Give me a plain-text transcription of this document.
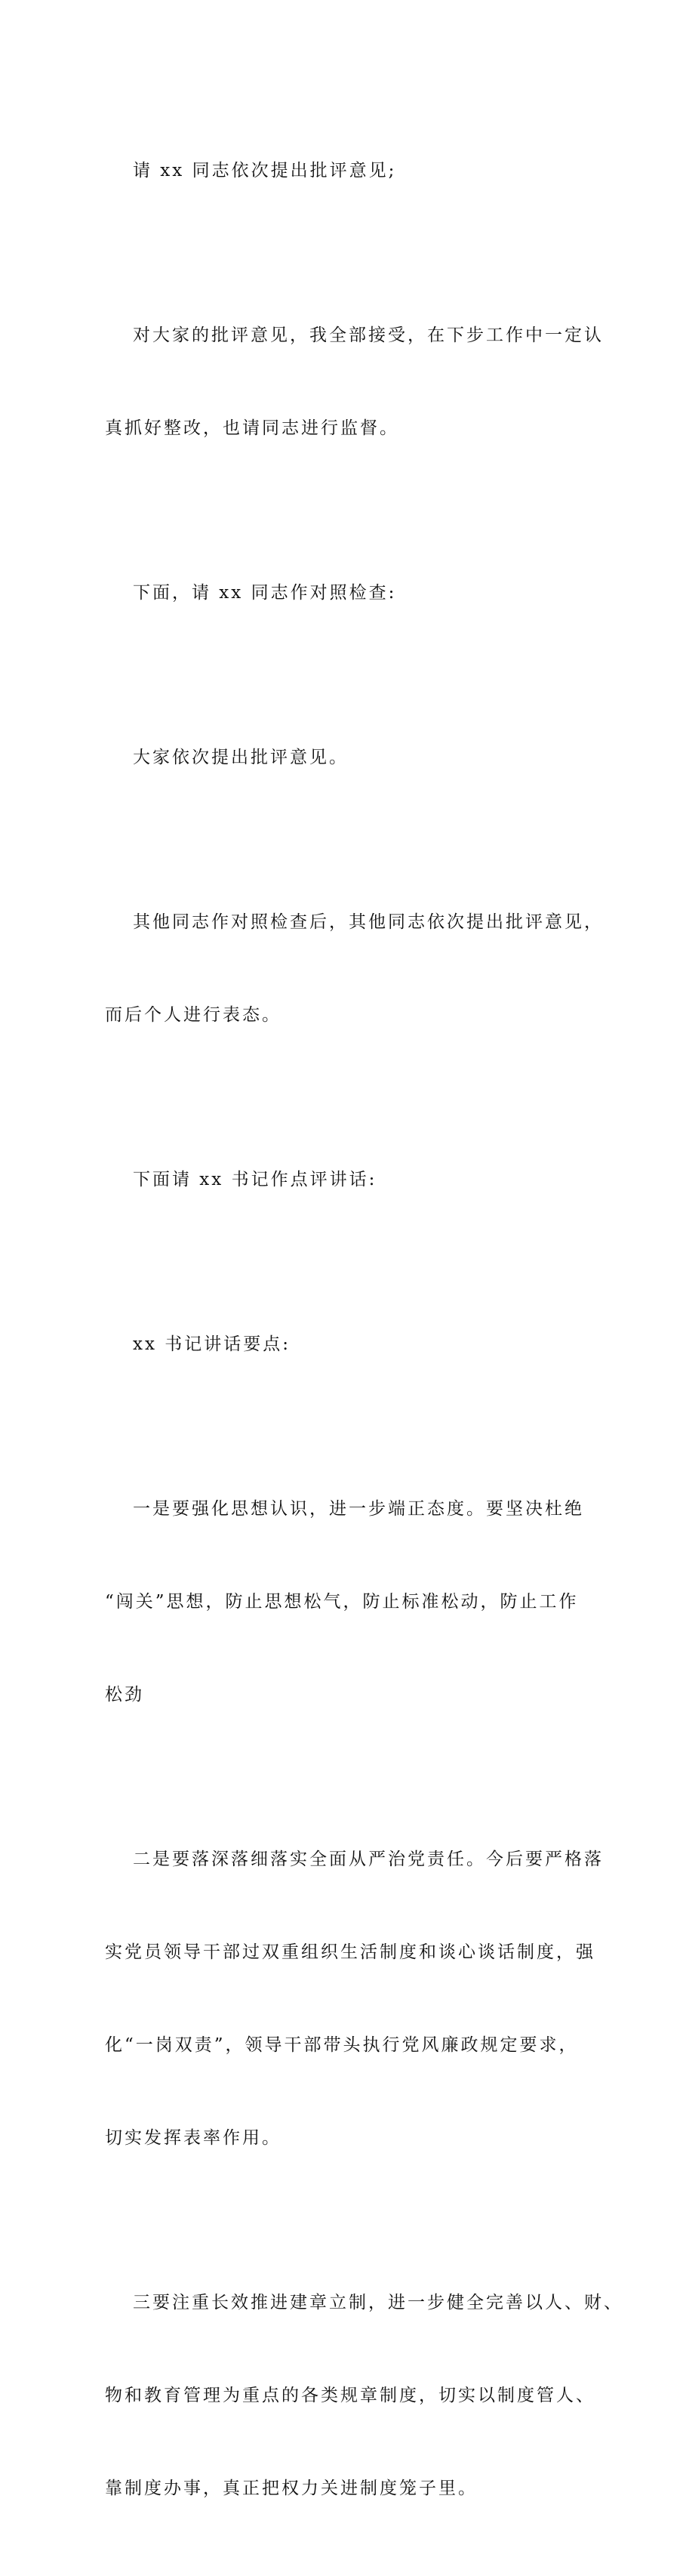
请 xx 同志依次提出批评意见;

对大家的批评意见，我全部接受，在下步工作中一定认

真抓好整改，也请同志进行监督。

下面，请 xx 同志作对照检查:

大家依次提出批评意见。

其他同志作对照检查后，其他同志依次提出批评意见，

而后个人进行表态。

下面请 xx 书记作点评讲话:

xx 书记讲话要点:

一是要强化思想认识，进一步端正态度。要坚决杜绝

“闯关”思想，防止思想松气，防止标准松动，防止工作

松劲

二是要落深落细落实全面从严治党责任。今后要严格落

实党员领导干部过双重组织生活制度和谈心谈话制度，强

化“一岗双责”，领导干部带头执行党风廉政规定要求，

切实发挥表率作用。

三要注重长效推进建章立制，进一步健全完善以人、财、

物和教育管理为重点的各类规章制度，切实以制度管人、

靠制度办事，真正把权力关进制度笼子里。
